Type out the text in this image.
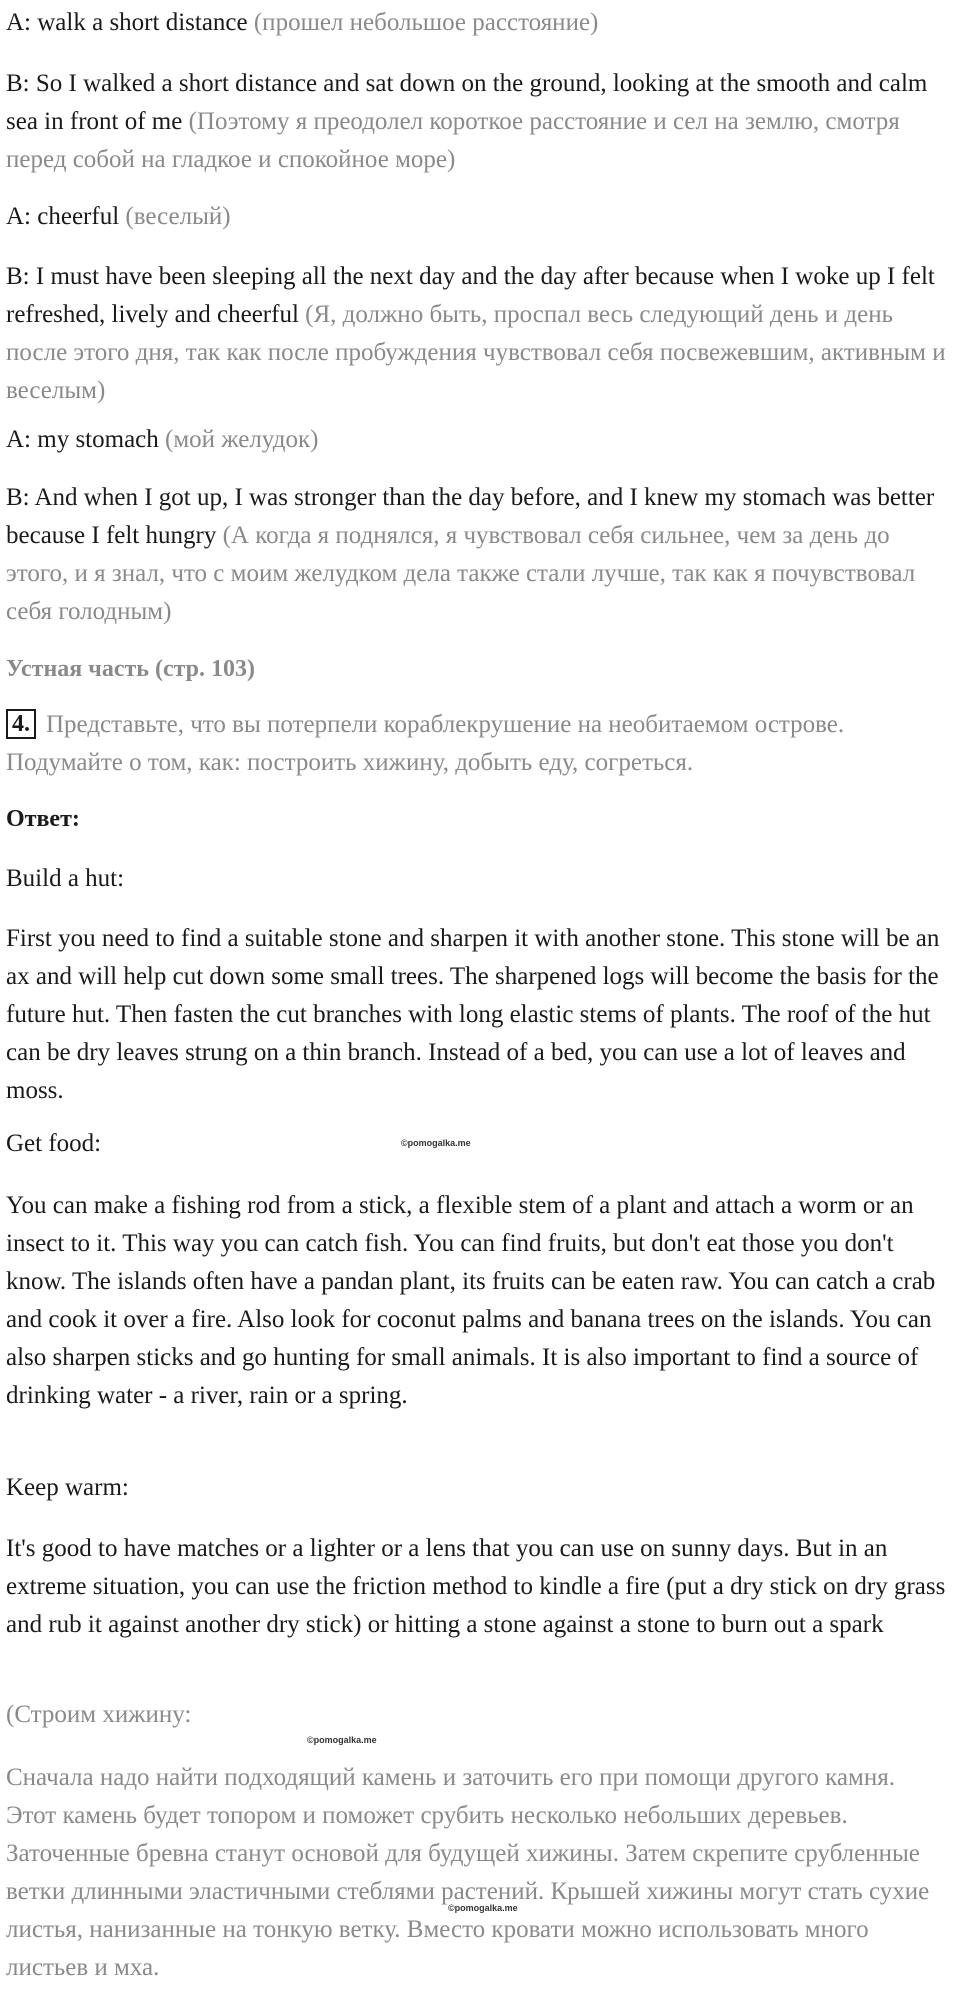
A: walk a short distance (прошел небольшое расстояние)

B: So I walked a short distance and sat down on the ground, looking at the smooth and calm sea in front of me (Поэтому я преодолел короткое расстояние и сел на землю, смотря перед собой на гладкое и спокойное море)

A: cheerful (веселый)

B: I must have been sleeping all the next day and the day after because when I woke up I felt refreshed, lively and cheerful (Я, должно быть, проспал весь следующий день и день после этого дня, так как после пробуждения чувствовал себя посвежевшим, активным и веселым)

A: my stomach (мой желудок)

B: And when I got up, I was stronger than the day before, and I knew my stomach was better because I felt hungry (А когда я поднялся, я чувствовал себя сильнее, чем за день до этого, и я знал, что с моим желудком дела также стали лучше, так как я почувствовал себя голодным)

Устная часть (стр. 103)

4. Представьте, что вы потерпели кораблекрушение на необитаемом острове. Подумайте о том, как: построить хижину, добыть еду, согреться.

Ответ:

Build a hut:

First you need to find a suitable stone and sharpen it with another stone. This stone will be an ax and will help cut down some small trees. The sharpened logs will become the basis for the future hut. Then fasten the cut branches with long elastic stems of plants. The roof of the hut can be dry leaves strung on a thin branch. Instead of a bed, you can use a lot of leaves and moss.

Get food:

You can make a fishing rod from a stick, a flexible stem of a plant and attach a worm or an insect to it. This way you can catch fish. You can find fruits, but don't eat those you don't know. The islands often have a pandan plant, its fruits can be eaten raw. You can catch a crab and cook it over a fire. Also look for coconut palms and banana trees on the islands. You can also sharpen sticks and go hunting for small animals. It is also important to find a source of drinking water - a river, rain or a spring.

Keep warm:

It's good to have matches or a lighter or a lens that you can use on sunny days. But in an extreme situation, you can use the friction method to kindle a fire (put a dry stick on dry grass and rub it against another dry stick) or hitting a stone against a stone to burn out a spark

(Строим хижину:

Сначала надо найти подходящий камень и заточить его при помощи другого камня. Этот камень будет топором и поможет срубить несколько небольших деревьев. Заточенные бревна станут основой для будущей хижины. Затем скрепите срубленные ветки длинными эластичными стеблями растений. Крышей хижины могут стать сухие листья, нанизанные на тонкую ветку. Вместо кровати можно использовать много листьев и мха.

©pomogalka.me
©pomogalka.me
©pomogalka.me
